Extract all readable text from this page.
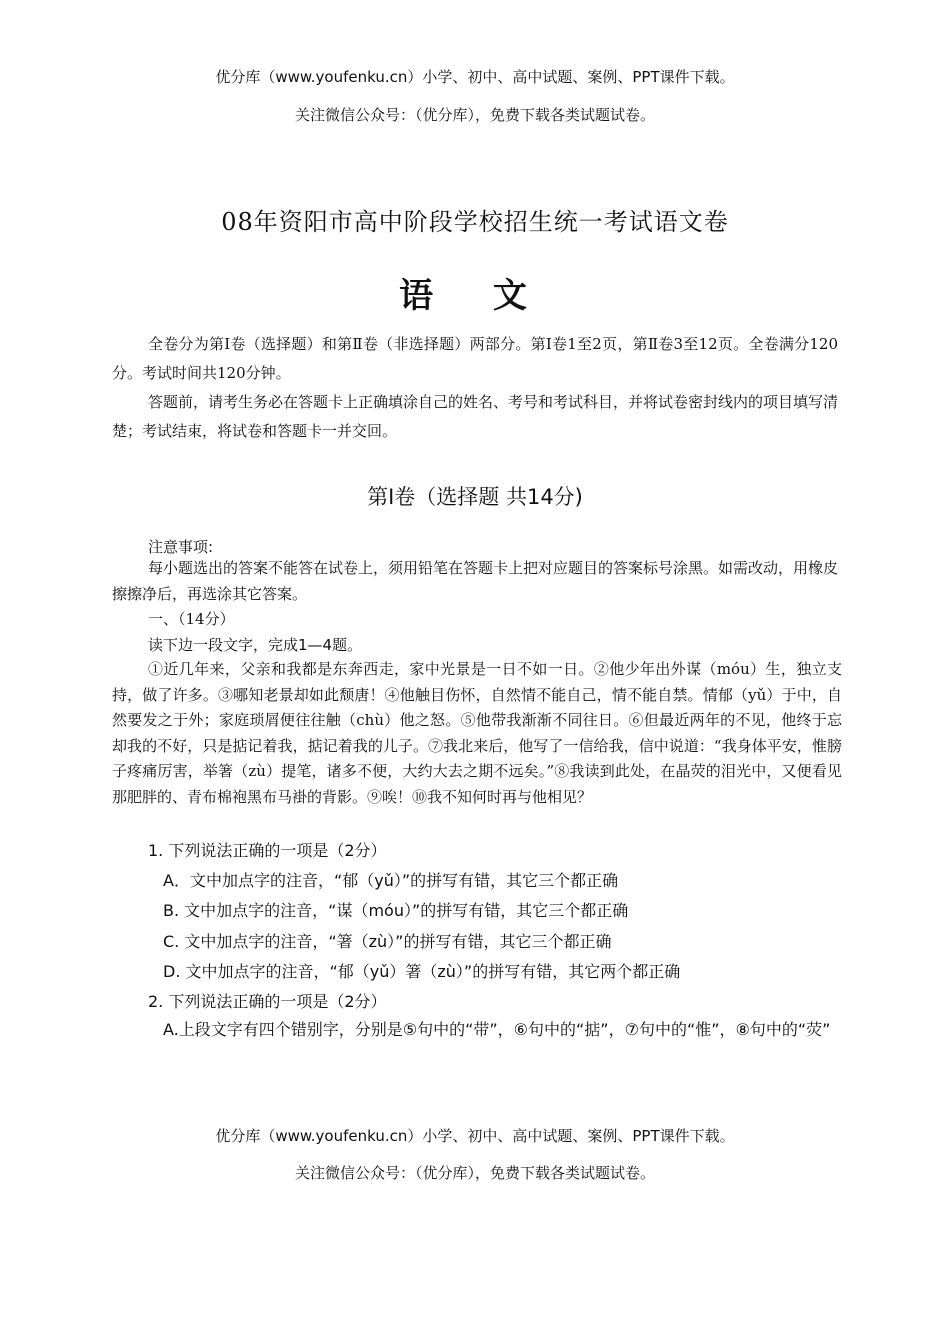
优分库（www.youfenku.cn）小学、初中、高中试题、案例、PPT课件下载。
关注微信公众号：（优分库），免费下载各类试题试卷。
08年资阳市高中阶段学校招生统一考试语文卷
语 文
全卷分为第Ⅰ卷（选择题）和第Ⅱ卷（非选择题）两部分。第Ⅰ卷1至2页，第Ⅱ卷3至12页。全卷满分120分。考试时间共120分钟。
答题前，请考生务必在答题卡上正确填涂自己的姓名、考号和考试科目，并将试卷密封线内的项目填写清楚；考试结束，将试卷和答题卡一并交回。
第Ⅰ卷（选择题 共14分)
注意事项:
每小题选出的答案不能答在试卷上，须用铅笔在答题卡上把对应题目的答案标号涂黑。如需改动，用橡皮擦擦净后，再选涂其它答案。
一、（14分）
读下边一段文字，完成1—4题。
①近几年来，父亲和我都是东奔西走，家中光景是一日不如一日。②他少年出外谋（móu）生，独立支持，做了许多。③哪知老景却如此颓唐！④他触目伤怀，自然情不能自己，情不能自禁。情郁（yǔ）于中，自然要发之于外；家庭琐屑便往往触（chù）他之怒。⑤他带我渐渐不同往日。⑥但最近两年的不见，他终于忘却我的不好，只是掂记着我，掂记着我的儿子。⑦我北来后，他写了一信给我，信中说道：“我身体平安，惟膀子疼痛厉害，举箸（zù）提笔，诸多不便，大约大去之期不远矣。”⑧我读到此处，在晶荧的泪光中，又便看见那肥胖的、青布棉袍黑布马褂的背影。⑨唉！⑩我不知何时再与他相见？
1. 下列说法正确的一项是（2分）
A．文中加点字的注音，“郁（yǔ）”的拼写有错，其它三个都正确
B. 文中加点字的注音，“谋（móu）”的拼写有错，其它三个都正确
C. 文中加点字的注音，“箸（zù）”的拼写有错，其它三个都正确
D. 文中加点字的注音，“郁（yǔ）箸（zù）”的拼写有错，其它两个都正确
2. 下列说法正确的一项是（2分）
A.上段文字有四个错别字，分别是⑤句中的“带”，⑥句中的“掂”，⑦句中的“惟”，⑧句中的“荧”
优分库（www.youfenku.cn）小学、初中、高中试题、案例、PPT课件下载。
关注微信公众号：（优分库），免费下载各类试题试卷。
